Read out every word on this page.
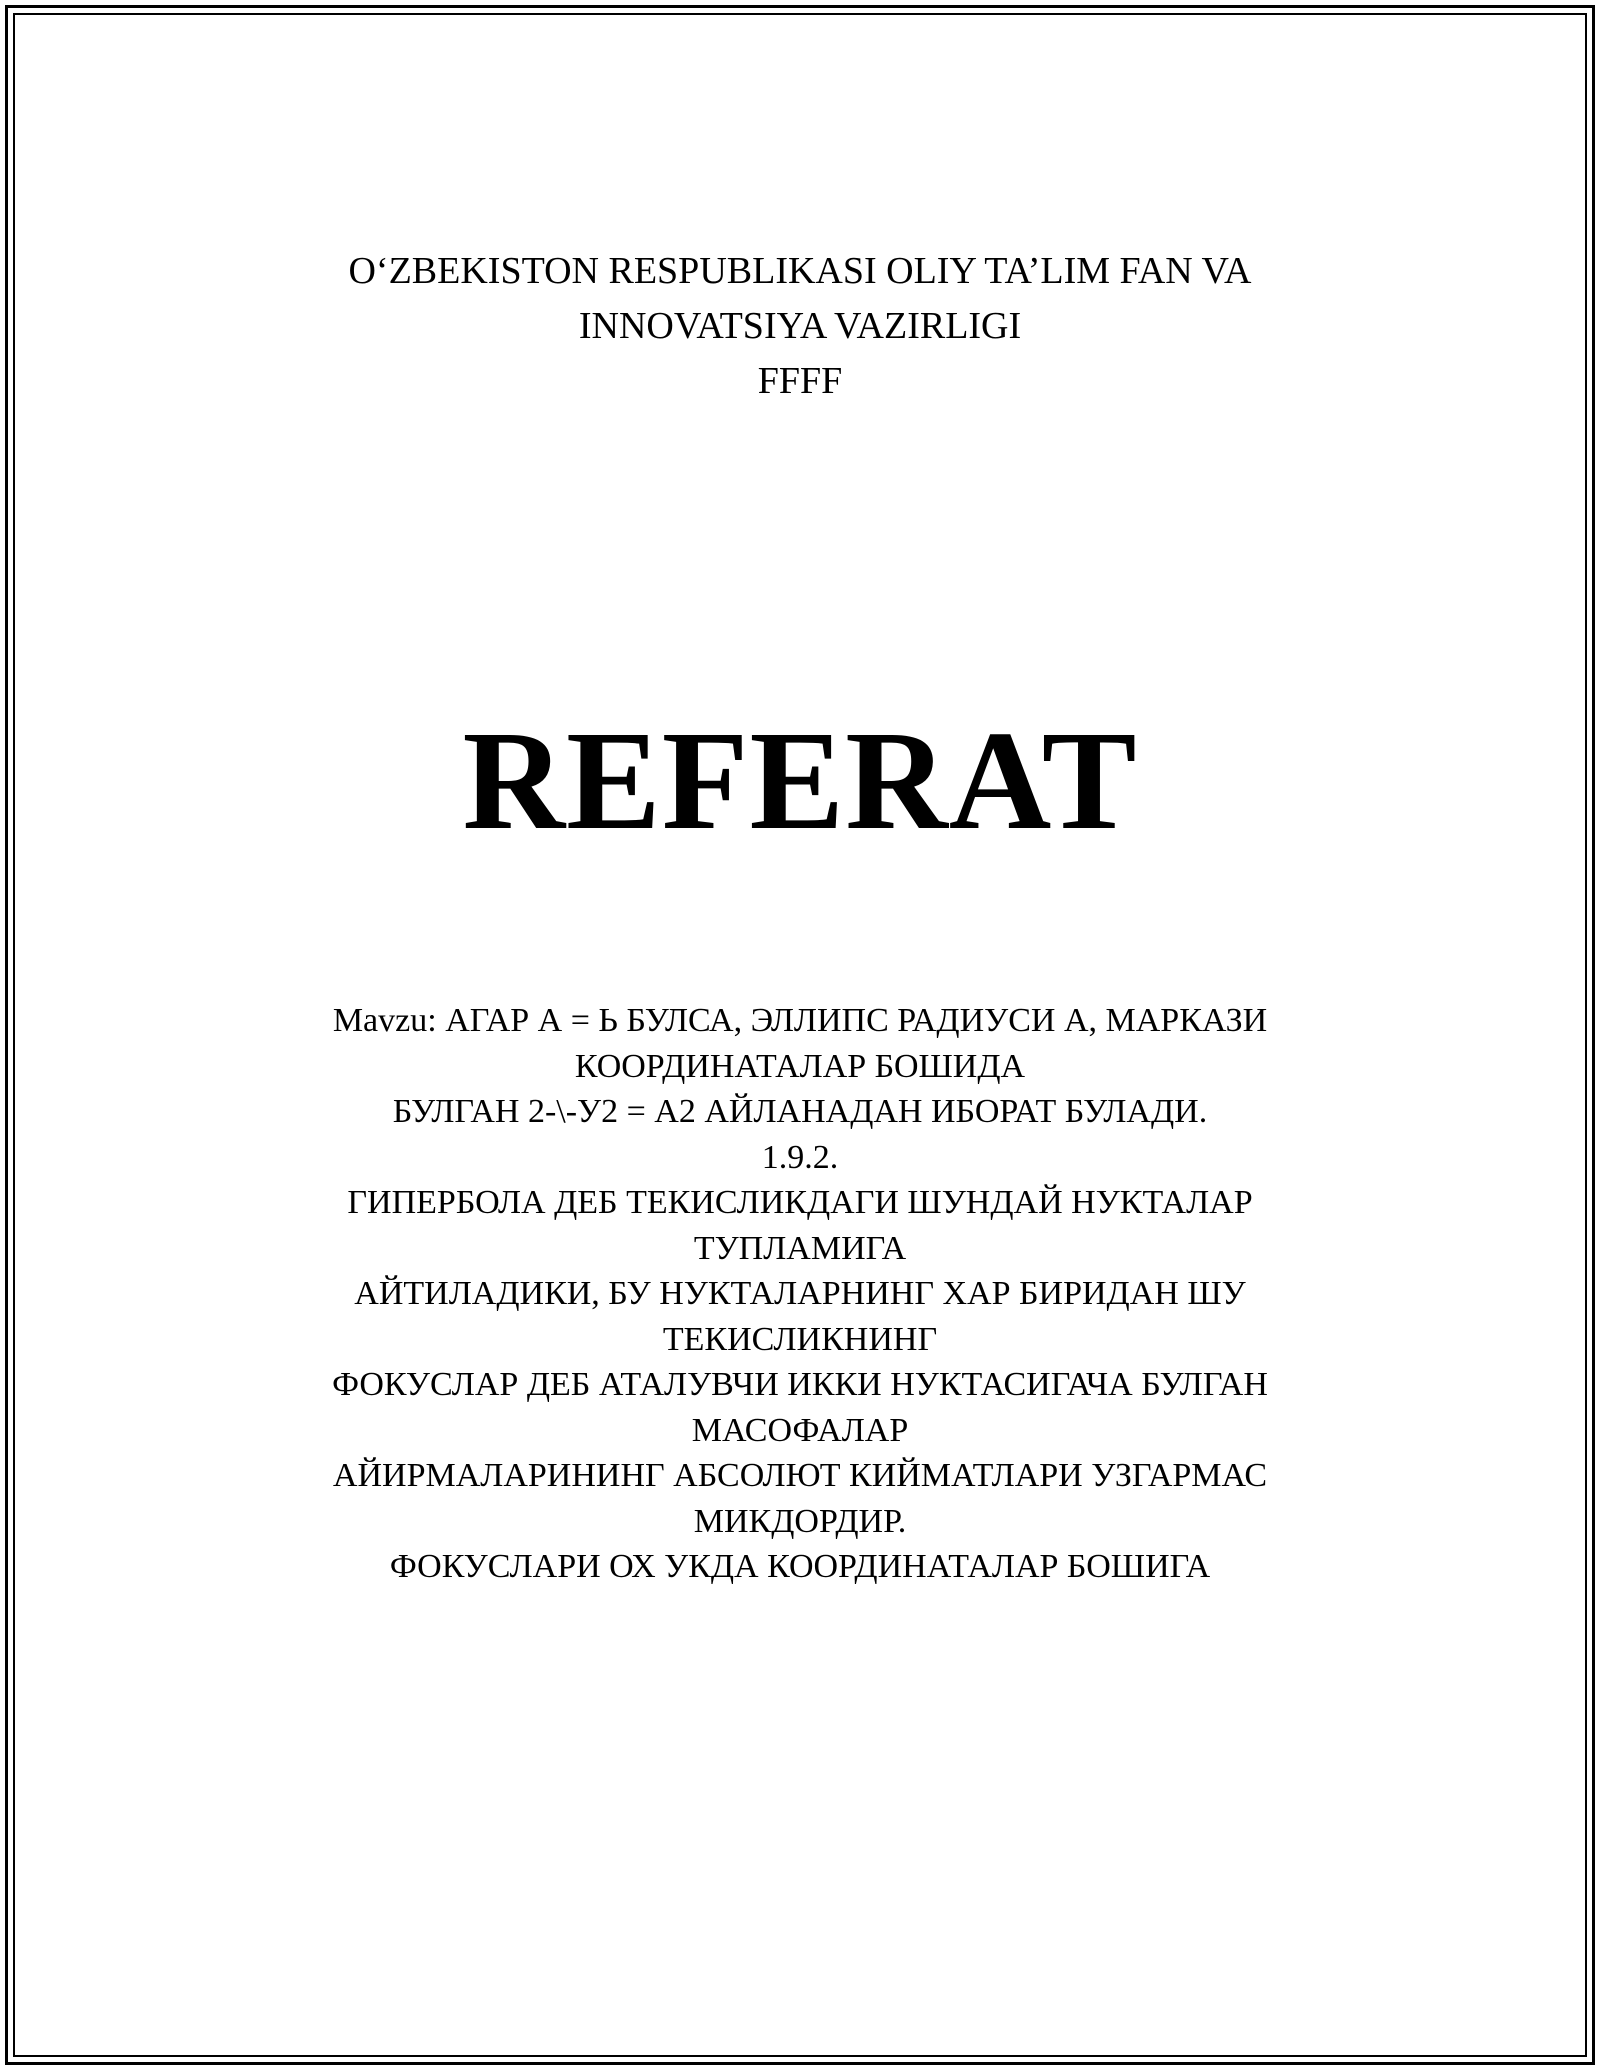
O‘ZBEKISTON RESPUBLIKASI OLIY TA’LIM FAN VA
INNOVATSIYA VAZIRLIGI
FFFF
REFERAT
Mavzu: АГАР А = Ь БУЛСА, ЭЛЛИПС РАДИУСИ А, МАРКАЗИ
КООРДИНАТАЛАР БОШИДА
БУЛГАН 2-\-У2 = А2 АЙЛАНАДАН ИБОРАТ БУЛАДИ.
1.9.2.
ГИПЕРБОЛА ДЕБ ТЕКИСЛИКДАГИ ШУНДАЙ НУКТАЛАР
ТУПЛАМИГА
АЙТИЛАДИКИ, БУ НУКТАЛАРНИНГ ХАР БИРИДАН ШУ
ТЕКИСЛИКНИНГ
ФОКУСЛАР ДЕБ АТАЛУВЧИ ИККИ НУКТАСИГАЧА БУЛГАН
МАСОФАЛАР
АЙИРМАЛАРИНИНГ АБСОЛЮТ КИЙМАТЛАРИ УЗГАРМАС
МИКДОРДИР.
ФОКУСЛАРИ ОХ УКДА КООРДИНАТАЛАР БОШИГА
